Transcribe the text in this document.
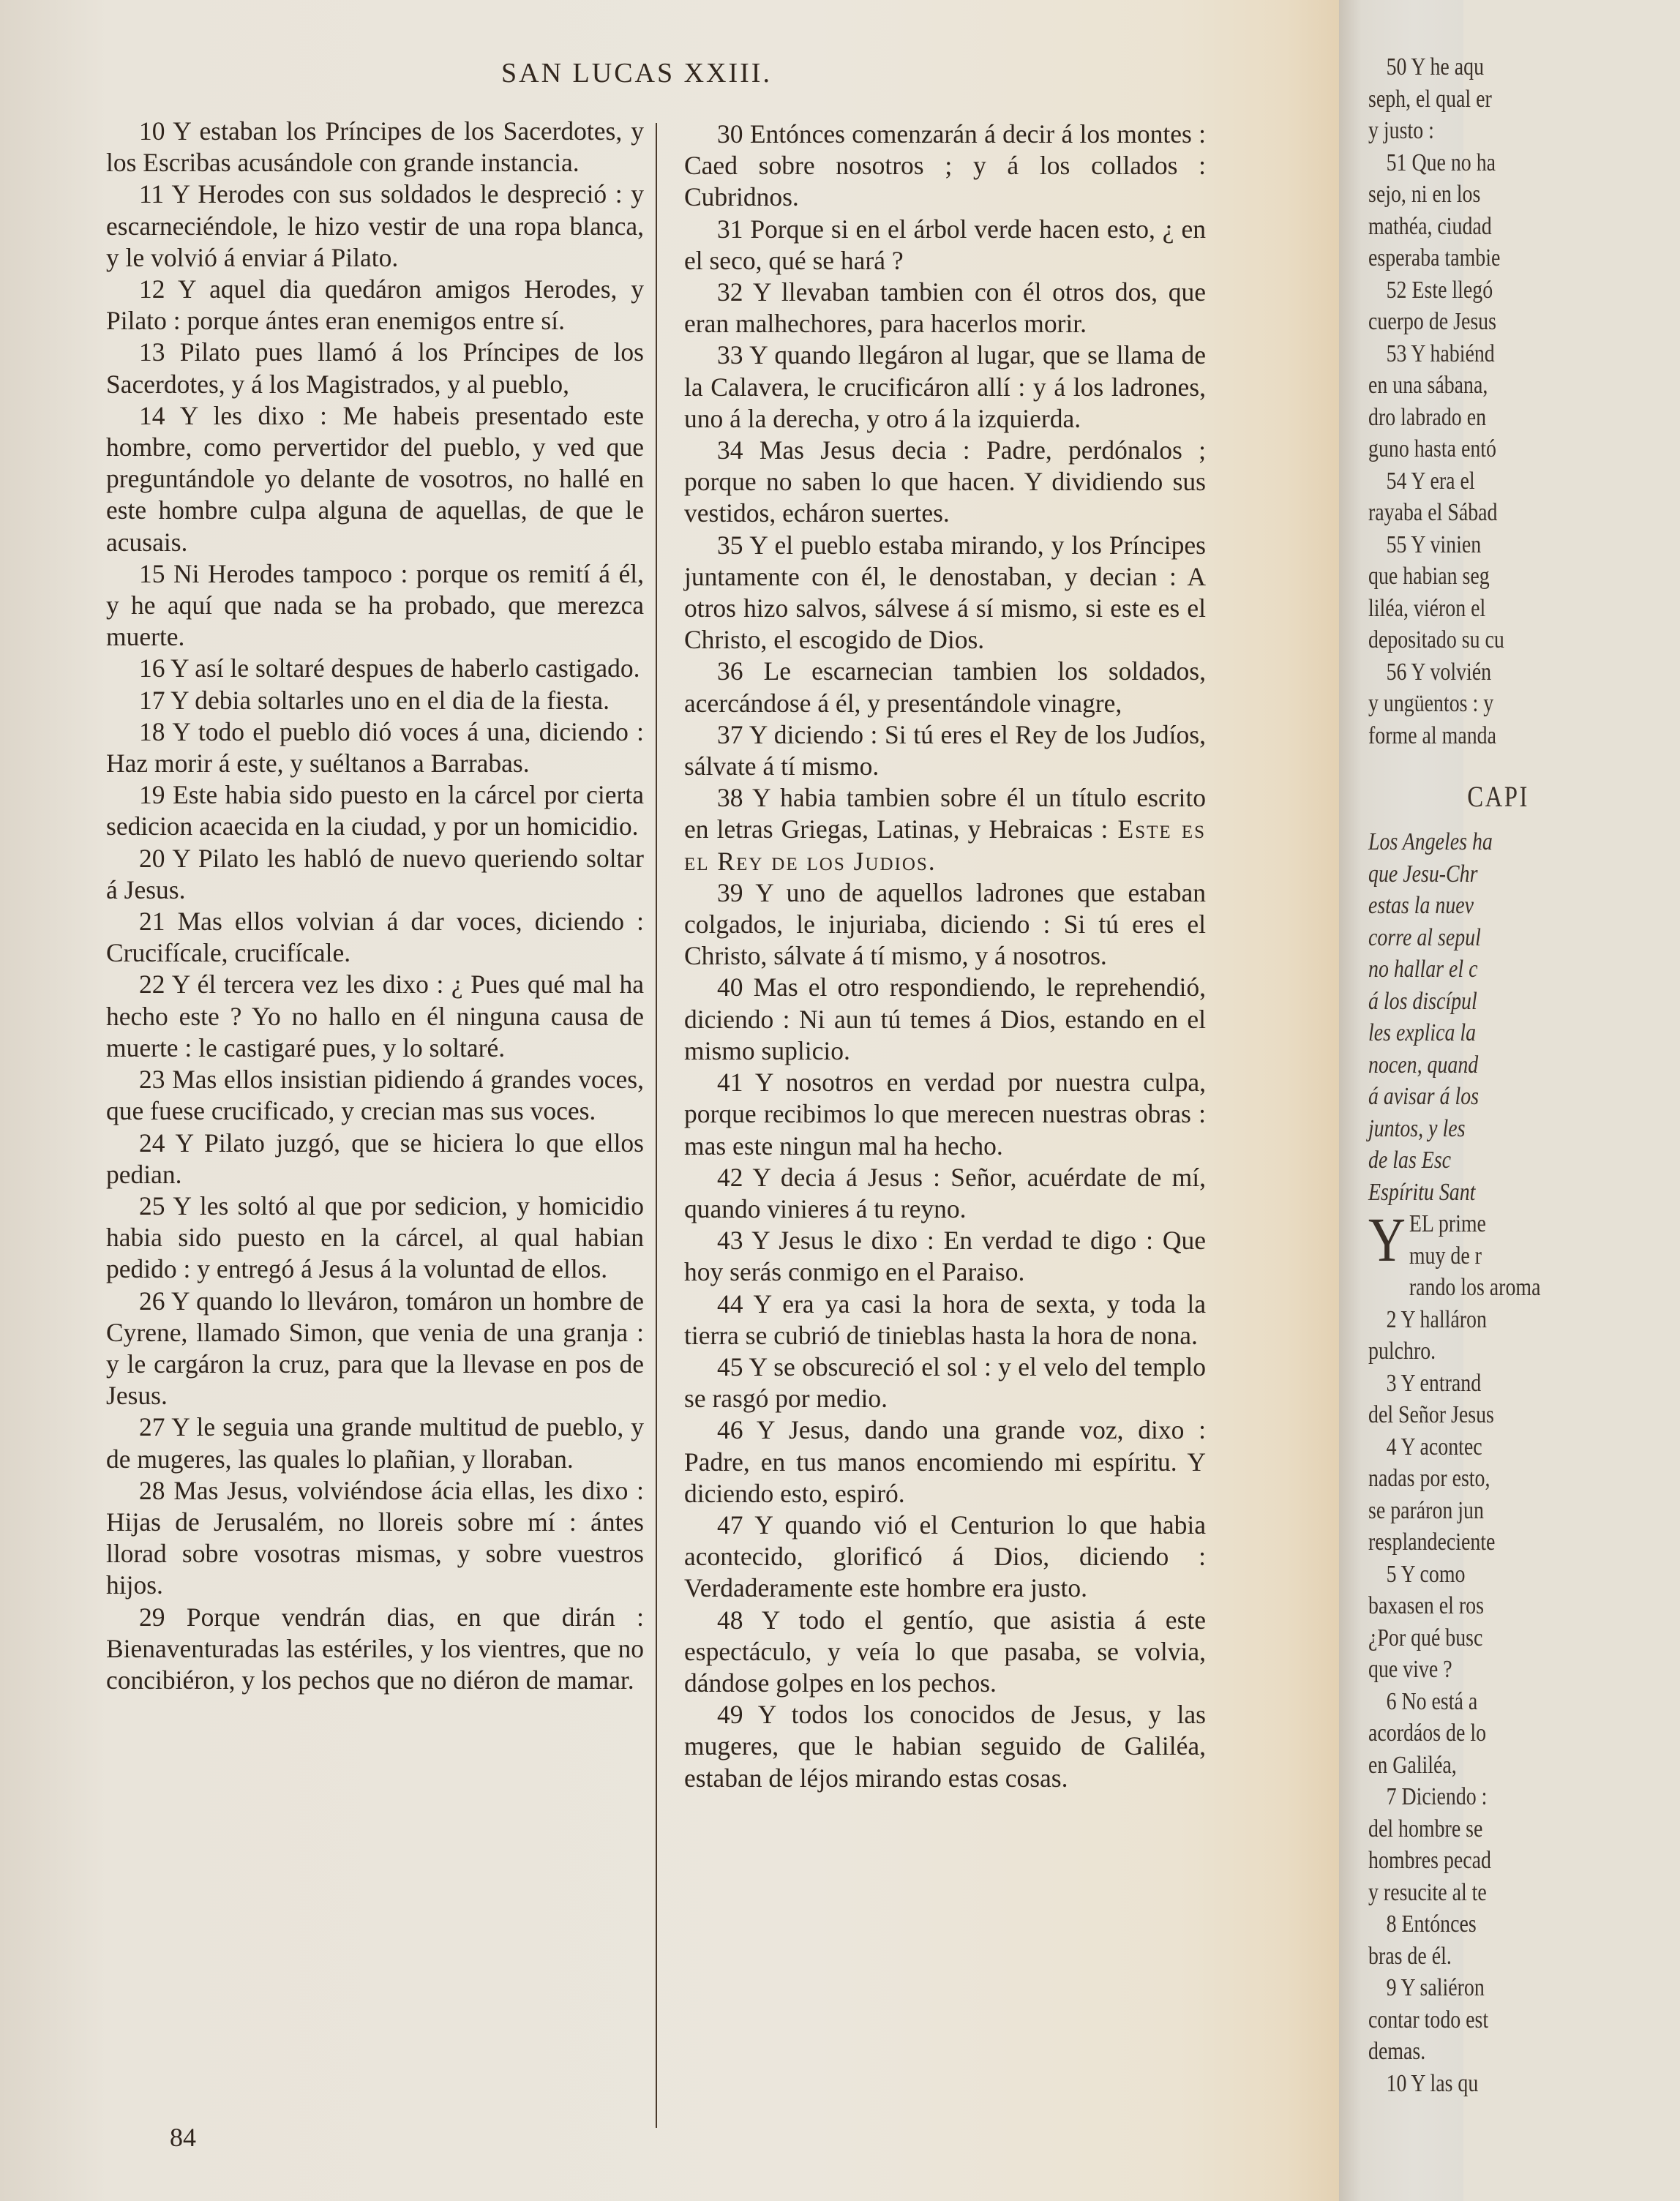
SAN LUCAS XXIII.

10 Y estaban los Príncipes de los Sacerdotes, y los Escribas acusándole con grande instancia.

11 Y Herodes con sus soldados le despreció : y escarneciéndole, le hizo vestir de una ropa blanca, y le volvió á enviar á Pilato.

12 Y aquel dia quedáron amigos Herodes, y Pilato : porque ántes eran enemigos entre sí.

13 Pilato pues llamó á los Príncipes de los Sacerdotes, y á los Magistrados, y al pueblo,

14 Y les dixo : Me habeis presentado este hombre, como pervertidor del pueblo, y ved que preguntándole yo delante de vosotros, no hallé en este hombre culpa alguna de aquellas, de que le acusais.

15 Ni Herodes tampoco : porque os remití á él, y he aquí que nada se ha probado, que merezca muerte.

16 Y así le soltaré despues de haberlo castigado.

17 Y debia soltarles uno en el dia de la fiesta.

18 Y todo el pueblo dió voces á una, diciendo : Haz morir á este, y suéltanos a Barrabas.

19 Este habia sido puesto en la cárcel por cierta sedicion acaecida en la ciudad, y por un homicidio.

20 Y Pilato les habló de nuevo queriendo soltar á Jesus.

21 Mas ellos volvian á dar voces, diciendo : Crucifícale, crucifícale.

22 Y él tercera vez les dixo : ¿ Pues qué mal ha hecho este ? Yo no hallo en él ninguna causa de muerte : le castigaré pues, y lo soltaré.

23 Mas ellos insistian pidiendo á grandes voces, que fuese crucificado, y crecian mas sus voces.

24 Y Pilato juzgó, que se hiciera lo que ellos pedian.

25 Y les soltó al que por sedicion, y homicidio habia sido puesto en la cárcel, al qual habian pedido : y entregó á Jesus á la voluntad de ellos.

26 Y quando lo lleváron, tomáron un hombre de Cyrene, llamado Simon, que venia de una granja : y le cargáron la cruz, para que la llevase en pos de Jesus.

27 Y le seguia una grande multitud de pueblo, y de mugeres, las quales lo plañian, y lloraban.

28 Mas Jesus, volviéndose ácia ellas, les dixo : Hijas de Jerusalém, no lloreis sobre mí : ántes llorad sobre vosotras mismas, y sobre vuestros hijos.

29 Porque vendrán dias, en que dirán : Bienaventuradas las estériles, y los vientres, que no concibiéron, y los pechos que no diéron de mamar.

30 Entónces comenzarán á decir á los montes : Caed sobre nosotros ; y á los collados : Cubridnos.

31 Porque si en el árbol verde hacen esto, ¿ en el seco, qué se hará ?

32 Y llevaban tambien con él otros dos, que eran malhechores, para hacerlos morir.

33 Y quando llegáron al lugar, que se llama de la Calavera, le crucificáron allí : y á los ladrones, uno á la derecha, y otro á la izquierda.

34 Mas Jesus decia : Padre, perdónalos ; porque no saben lo que hacen. Y dividiendo sus vestidos, echáron suertes.

35 Y el pueblo estaba mirando, y los Príncipes juntamente con él, le denostaban, y decian : A otros hizo salvos, sálvese á sí mismo, si este es el Christo, el escogido de Dios.

36 Le escarnecian tambien los soldados, acercándose á él, y presentándole vinagre,

37 Y diciendo : Si tú eres el Rey de los Judíos, sálvate á tí mismo.

38 Y habia tambien sobre él un título escrito en letras Griegas, Latinas, y Hebraicas : Este es el Rey de los Judios.

39 Y uno de aquellos ladrones que estaban colgados, le injuriaba, diciendo : Si tú eres el Christo, sálvate á tí mismo, y á nosotros.

40 Mas el otro respondiendo, le reprehendió, diciendo : Ni aun tú temes á Dios, estando en el mismo suplicio.

41 Y nosotros en verdad por nuestra culpa, porque recibimos lo que merecen nuestras obras : mas este ningun mal ha hecho.

42 Y decia á Jesus : Señor, acuérdate de mí, quando vinieres á tu reyno.

43 Y Jesus le dixo : En verdad te digo : Que hoy serás conmigo en el Paraiso.

44 Y era ya casi la hora de sexta, y toda la tierra se cubrió de tinieblas hasta la hora de nona.

45 Y se obscureció el sol : y el velo del templo se rasgó por medio.

46 Y Jesus, dando una grande voz, dixo : Padre, en tus manos encomiendo mi espíritu. Y diciendo esto, espiró.

47 Y quando vió el Centurion lo que habia acontecido, glorificó á Dios, diciendo : Verdaderamente este hombre era justo.

48 Y todo el gentío, que asistia á este espectáculo, y veía lo que pasaba, se volvia, dándose golpes en los pechos.

49 Y todos los conocidos de Jesus, y las mugeres, que le habian seguido de Galiléa, estaban de léjos mirando estas cosas.

84
50 Y he aqu
seph, el qual er
y justo :
51 Que no ha
sejo, ni en los
mathéa, ciudad
esperaba tambie
52 Este llegó
cuerpo de Jesus
53 Y habiénd
en una sábana,
dro labrado en
guno hasta entó
54 Y era el
rayaba el Sábad
55 Y vinien
que habian seg
liléa, viéron el
depositado su cu
56 Y volvién
y ungüentos : y
forme al manda
CAPI
Los Angeles ha
que Jesu-Chr
estas la nuev
corre al sepul
no hallar el c
á los discípul
les explica la
nocen, quand
á avisar á los
juntos, y les
de las Esc
Espíritu Sant
Y EL prime
muy de r
rando los aroma
2 Y halláron
pulchro.
3 Y entrand
del Señor Jesus
4 Y acontec
nadas por esto,
se paráron jun
resplandeciente
5 Y como
baxasen el ros
¿Por qué busc
que vive ?
6 No está a
acordáos de lo
en Galiléa,
7 Diciendo :
del hombre se
hombres pecad
y resucite al te
8 Entónces
bras de él.
9 Y saliéron
contar todo est
demas.
10 Y las qu
